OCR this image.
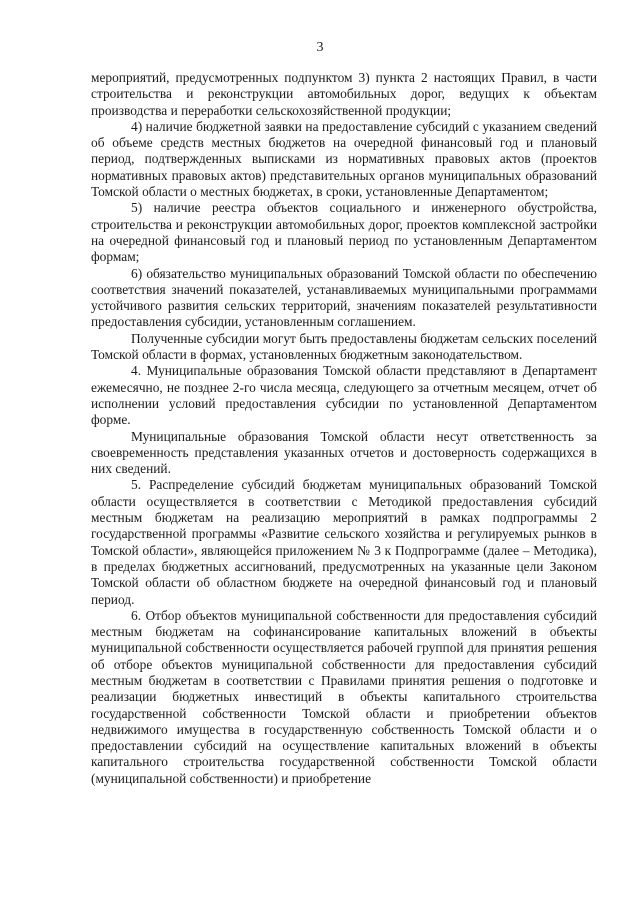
3

мероприятий, предусмотренных подпунктом 3) пункта 2 настоящих Правил, в части строительства и реконструкции автомобильных дорог, ведущих к объектам производства и переработки сельскохозяйственной продукции;

4) наличие бюджетной заявки на предоставление субсидий с указанием сведений об объеме средств местных бюджетов на очередной финансовый год и плановый период, подтвержденных выписками из нормативных правовых актов (проектов нормативных правовых актов) представительных органов муниципальных образований Томской области о местных бюджетах, в сроки, установленные Департаментом;

5) наличие реестра объектов социального и инженерного обустройства, строительства и реконструкции автомобильных дорог, проектов комплексной застройки на очередной финансовый год и плановый период по установленным Департаментом формам;

6) обязательство муниципальных образований Томской области по обеспечению соответствия значений показателей, устанавливаемых муниципальными программами устойчивого развития сельских территорий, значениям показателей результативности предоставления субсидии, установленным соглашением.

Полученные субсидии могут быть предоставлены бюджетам сельских поселений Томской области в формах, установленных бюджетным законодательством.

4. Муниципальные образования Томской области представляют в Департамент ежемесячно, не позднее 2-го числа месяца, следующего за отчетным месяцем, отчет об исполнении условий предоставления субсидии по установленной Департаментом форме.

Муниципальные образования Томской области несут ответственность за своевременность представления указанных отчетов и достоверность содержащихся в них сведений.

5. Распределение субсидий бюджетам муниципальных образований Томской области осуществляется в соответствии с Методикой предоставления субсидий местным бюджетам на реализацию мероприятий в рамках подпрограммы 2 государственной программы «Развитие сельского хозяйства и регулируемых рынков в Томской области», являющейся приложением № 3 к Подпрограмме (далее – Методика), в пределах бюджетных ассигнований, предусмотренных на указанные цели Законом Томской области об областном бюджете на очередной финансовый год и плановый период.

6. Отбор объектов муниципальной собственности для предоставления субсидий местным бюджетам на софинансирование капитальных вложений в объекты муниципальной собственности осуществляется рабочей группой для принятия решения об отборе объектов муниципальной собственности для предоставления субсидий местным бюджетам в соответствии с Правилами принятия решения о подготовке и реализации бюджетных инвестиций в объекты капитального строительства государственной собственности Томской области и приобретении объектов недвижимого имущества в государственную собственность Томской области и о предоставлении субсидий на осуществление капитальных вложений в объекты капитального строительства государственной собственности Томской области (муниципальной собственности) и приобретение
